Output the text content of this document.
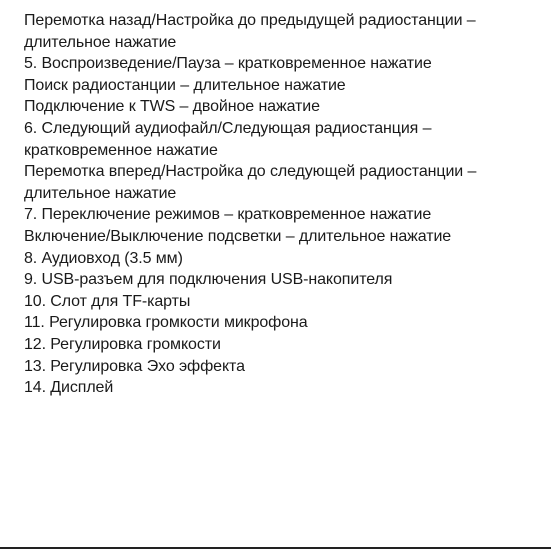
Перемотка назад/Настройка до предыдущей радиостанции –
длительное нажатие
5. Воспроизведение/Пауза – кратковременное нажатие
Поиск радиостанции – длительное нажатие
Подключение к TWS – двойное нажатие
6. Следующий аудиофайл/Следующая радиостанция –
кратковременное нажатие
Перемотка вперед/Настройка до следующей радиостанции –
длительное нажатие
7. Переключение режимов – кратковременное нажатие
Включение/Выключение подсветки – длительное нажатие
8. Аудиовход (3.5 мм)
9. USB-разъем для подключения USB-накопителя
10. Слот для TF-карты
11. Регулировка громкости микрофона
12. Регулировка громкости
13. Регулировка Эхо эффекта
14. Дисплей
